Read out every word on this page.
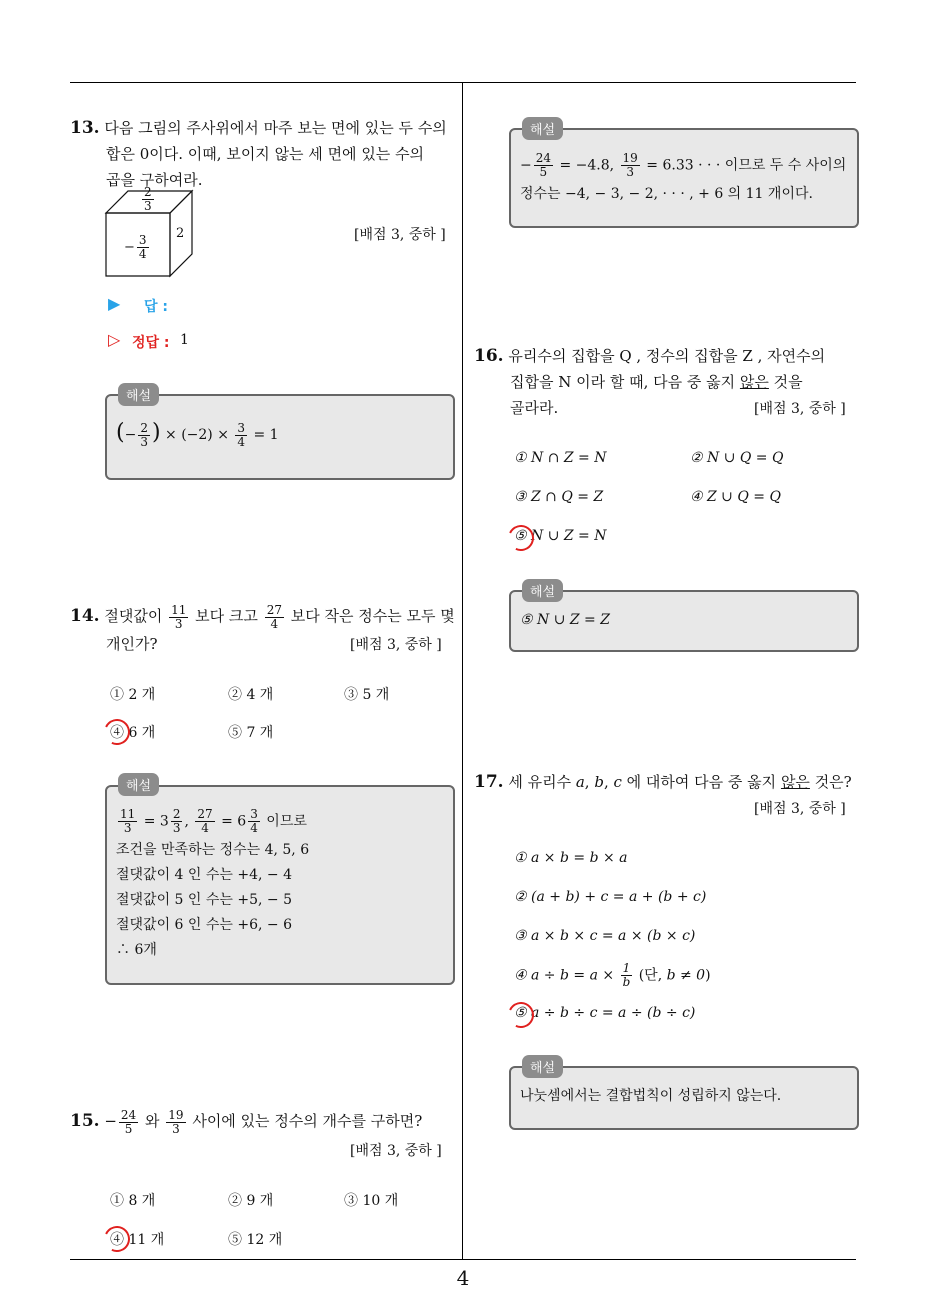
13. 다음 그림의 주사위에서 마주 보는 면에 있는 두 수의
합은 0이다. 이때, 보이지 않는 세 면에 있는 수의
곱을 구하여라.
$\frac{2}{3}$
− $\frac{3}{4}$
2	[배점 3, 중하 ]
▶ 답 :
▷ 정답 : 1
해설
(− $\frac{2}{3}$ ) × $(-2) \times \frac{3}{4} = 1$
14. 절댓값이 $\frac{11}{3}$ 보다 크고 $\frac{27}{4}$ 보다 작은 정수는 모두 몇
개인가?	[배점 3, 중하 ]
① 2 개	② 4 개	③ 5 개
④ 6 개	⑤ 7 개
해설
$\frac{11}{3} = 3 \frac{2}{3}$ , $\frac{27}{4} = 6 \frac{3}{4}$ 이므로
조건을 만족하는 정수는 4, 5, 6
절댓값이 4 인 수는 +4, − 4
절댓값이 5 인 수는 +5, − 5
절댓값이 6 인 수는 +6, − 6
∴ 6개
15. − $\frac{24}{5}$ 와 $\frac{19}{3}$ 사이에 있는 정수의 개수를 구하면?
[배점 3, 중하 ]
① 8 개	② 9 개	③ 10 개
④ 11 개	⑤ 12 개
해설
− $\frac{24}{5} = -4.8$, $\frac{19}{3} = 6.33$ · · · 이므로 두 수 사이의
정수는 −4, − 3, − 2, · · · , + 6 의 11 개이다.
16. 유리수의 집합을 Q , 정수의 집합을 Z , 자연수의
집합을 N 이라 할 때, 다음 중 옳지 않은 것을
골라라.	[배점 3, 중하 ]
① N ∩ Z = N	② N ∪ Q = Q
③ Z ∩ Q = Z	④ Z ∪ Q = Q
⑤ N ∪ Z = N
해설
⑤ N ∪ Z = Z
17. 세 유리수 a, b, c 에 대하여 다음 중 옳지 않은 것은?
[배점 3, 중하 ]
① a × b = b × a
② (a + b) + c = a + (b + c)
③ a × b × c = a × (b × c)
④ $a \div b = a \times \frac{1}{b}$ (단, b ≠ 0)
⑤ a ÷ b ÷ c = a ÷ (b ÷ c)
해설
나눗셈에서는 결합법칙이 성립하지 않는다.
4
